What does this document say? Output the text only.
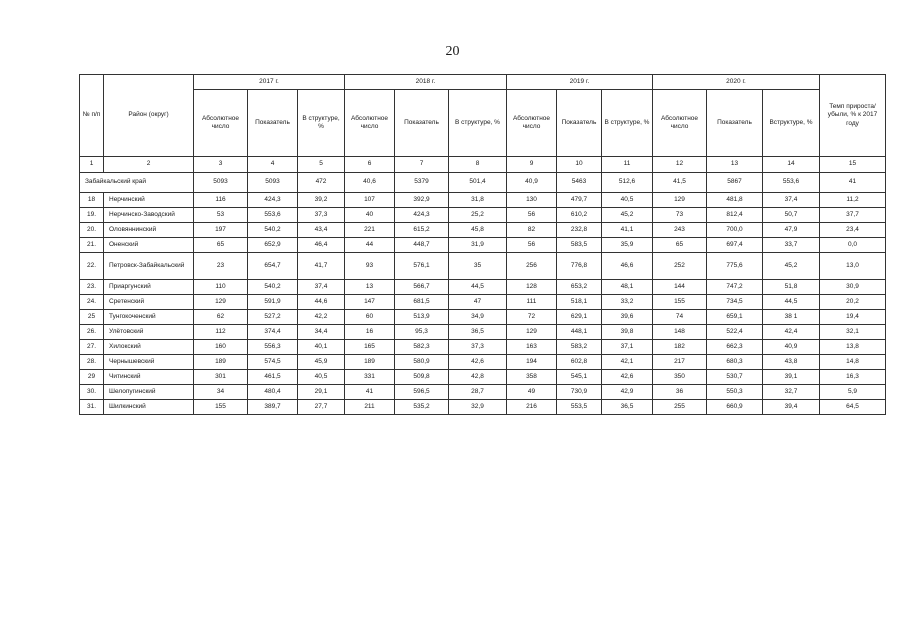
20
№ п/п	Район (округ)	2017 г.			2018 г.			2019 г.			2020 г.			Темп прироста/ убыли, % к 2017 году
		Абсолютное число	Показатель	В структуре, %	Абсолютное число	Показатель	В структуре, %	Абсолютное число	Показатель	В структуре, %	Абсолютное число	Показатель	Вструктуре, %	
1	2	3	4	5	6	7	8	9	10	11	12	13	14	15
Забайкальский край		5093	5093	472	40,6	5379	501,4	40,9	5463	512,6	41,5	5867	553,6	41
18	Нерчинский	116	424,3	39,2	107	392,9	31,8	130	479,7	40,5	129	481,8	37,4	11,2
19.	Нерчинско-Заводский	53	553,6	37,3	40	424,3	25,2	56	610,2	45,2	73	812,4	50,7	37,7
20.	Оловяннинский	197	540,2	43,4	221	615,2	45,8	82	232,8	41,1	243	700,0	47,9	23,4
21.	Оненский	65	652,9	46,4	44	448,7	31,9	56	583,5	35,9	65	697,4	33,7	0,0
22.	Петровск-Забайкальский	23	654,7	41,7	93	576,1	35	256	776,8	46,6	252	775,6	45,2	13,0
23.	Приаргунский	110	540,2	37,4	13	566,7	44,5	128	653,2	48,1	144	747,2	51,8	30,9
24.	Сретенский	129	591,9	44,6	147	681,5	47	111	518,1	33,2	155	734,5	44,5	20,2
25	Тунгокоченский	62	527,2	42,2	60	513,9	34,9	72	629,1	39,6	74	659,1	38 1	19,4
26.	Улётовский	112	374,4	34,4	16	95,3	36,5	129	448,1	39,8	148	522,4	42,4	32,1
27.	Хилокский	160	556,3	40,1	165	582,3	37,3	163	583,2	37,1	182	662,3	40,9	13,8
28.	Чернышевский	189	574,5	45,9	189	580,9	42,6	194	602,8	42,1	217	680,3	43,8	14,8
29	Читинский	301	461,5	40,5	331	509,8	42,8	358	545,1	42,6	350	530,7	39,1	16,3
30.	Шелопугинский	34	480,4	29,1	41	596,5	28,7	49	730,9	42,9	36	550,3	32,7	5,9
31.	Шилкинский	155	389,7	27,7	211	535,2	32,9	216	553,5	36,5	255	660,9	39,4	64,5
